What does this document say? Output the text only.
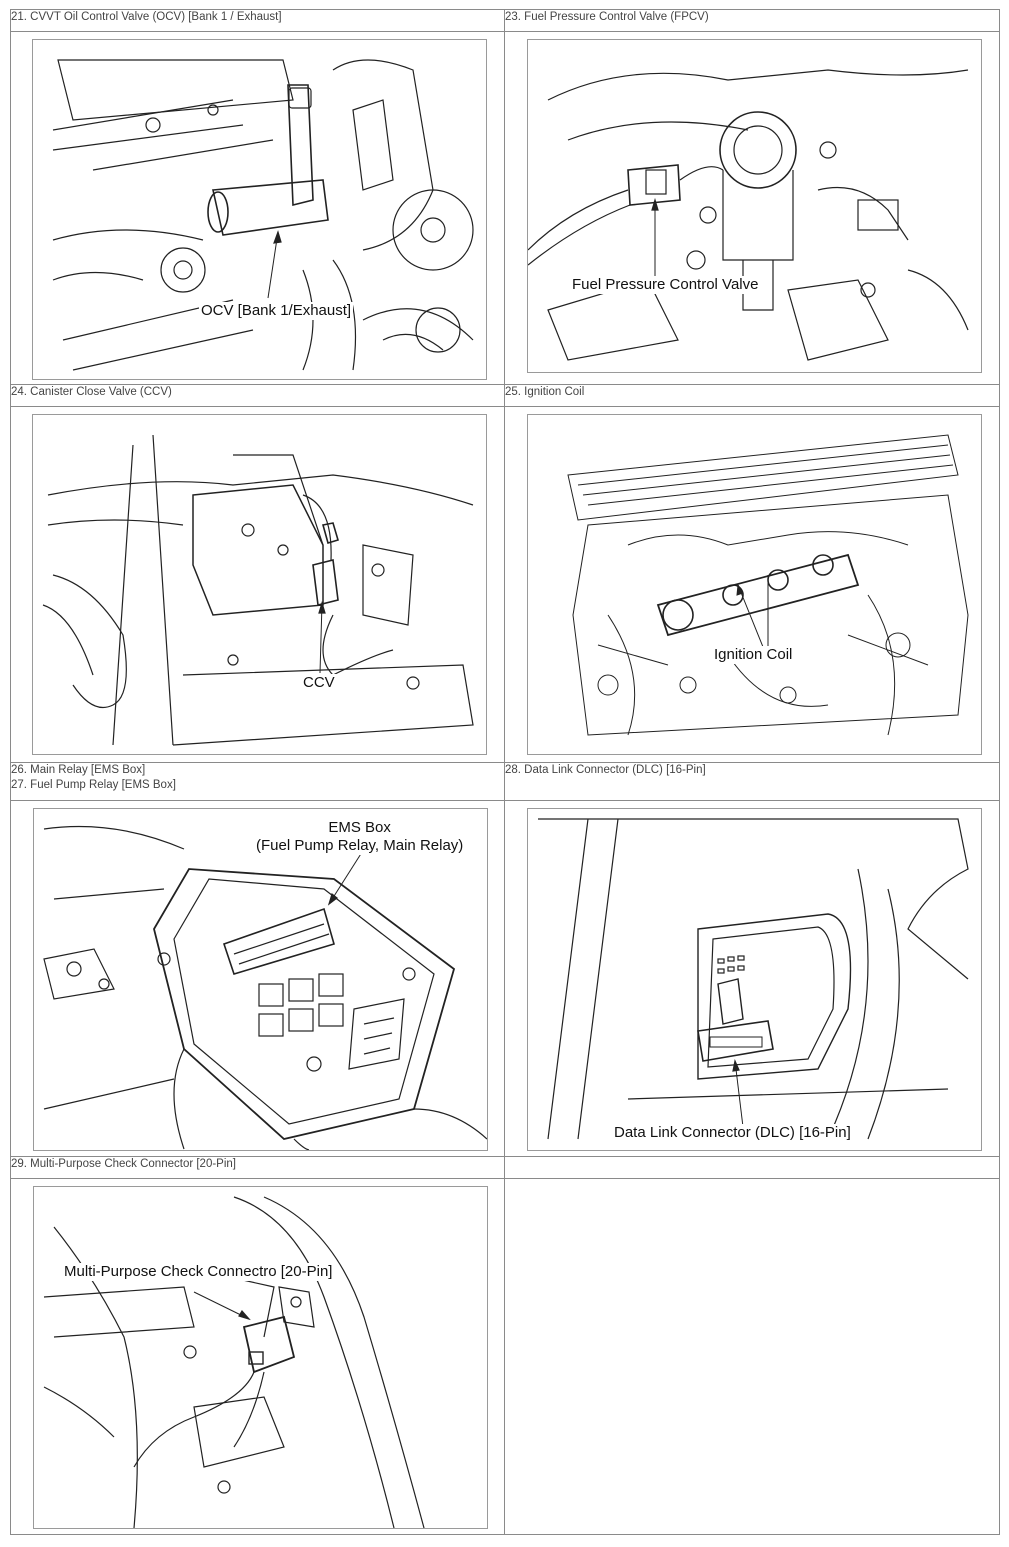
21. CVVT Oil Control Valve (OCV) [Bank 1 / Exhaust]	23. Fuel Pressure Control Valve (FPCV)

OCV [Bank 1/Exhaust]	Fuel Pressure Control Valve

24. Canister Close Valve (CCV)	25. Ignition Coil

CCV	Ignition Coil

26. Main Relay [EMS Box]
27. Fuel Pump Relay [EMS Box]	28. Data Link Connector (DLC) [16-Pin]

EMS Box
(Fuel Pump Relay, Main Relay)	Data Link Connector (DLC) [16-Pin]

29. Multi-Purpose Check Connector [20-Pin]	

Multi-Purpose Check Connectro [20-Pin]	
